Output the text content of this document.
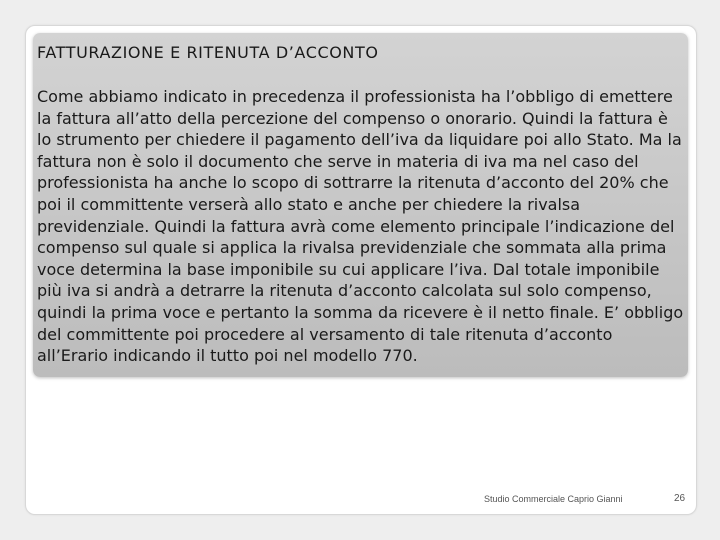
FATTURAZIONE E RITENUTA D’ACCONTO

Come abbiamo indicato in precedenza il professionista ha l’obbligo di emettere la fattura all’atto della percezione del compenso o onorario. Quindi la fattura è lo strumento per chiedere il pagamento dell’iva da liquidare poi allo Stato. Ma la fattura non è solo il documento che serve in materia di iva ma nel caso del professionista ha anche lo scopo di sottrarre la ritenuta d’acconto del 20% che poi il committente verserà allo stato e anche per chiedere la rivalsa previdenziale. Quindi la fattura avrà come elemento principale l’indicazione del compenso sul quale si applica la rivalsa previdenziale che sommata alla prima voce determina la base imponibile su cui applicare l’iva. Dal totale imponibile più iva si andrà a detrarre la ritenuta d’acconto calcolata sul solo compenso, quindi la prima voce e pertanto la somma da ricevere è il netto finale. E’ obbligo del committente poi procedere al versamento di tale ritenuta d’acconto all’Erario indicando il tutto poi nel modello 770.

Studio Commerciale Caprio Gianni	26
